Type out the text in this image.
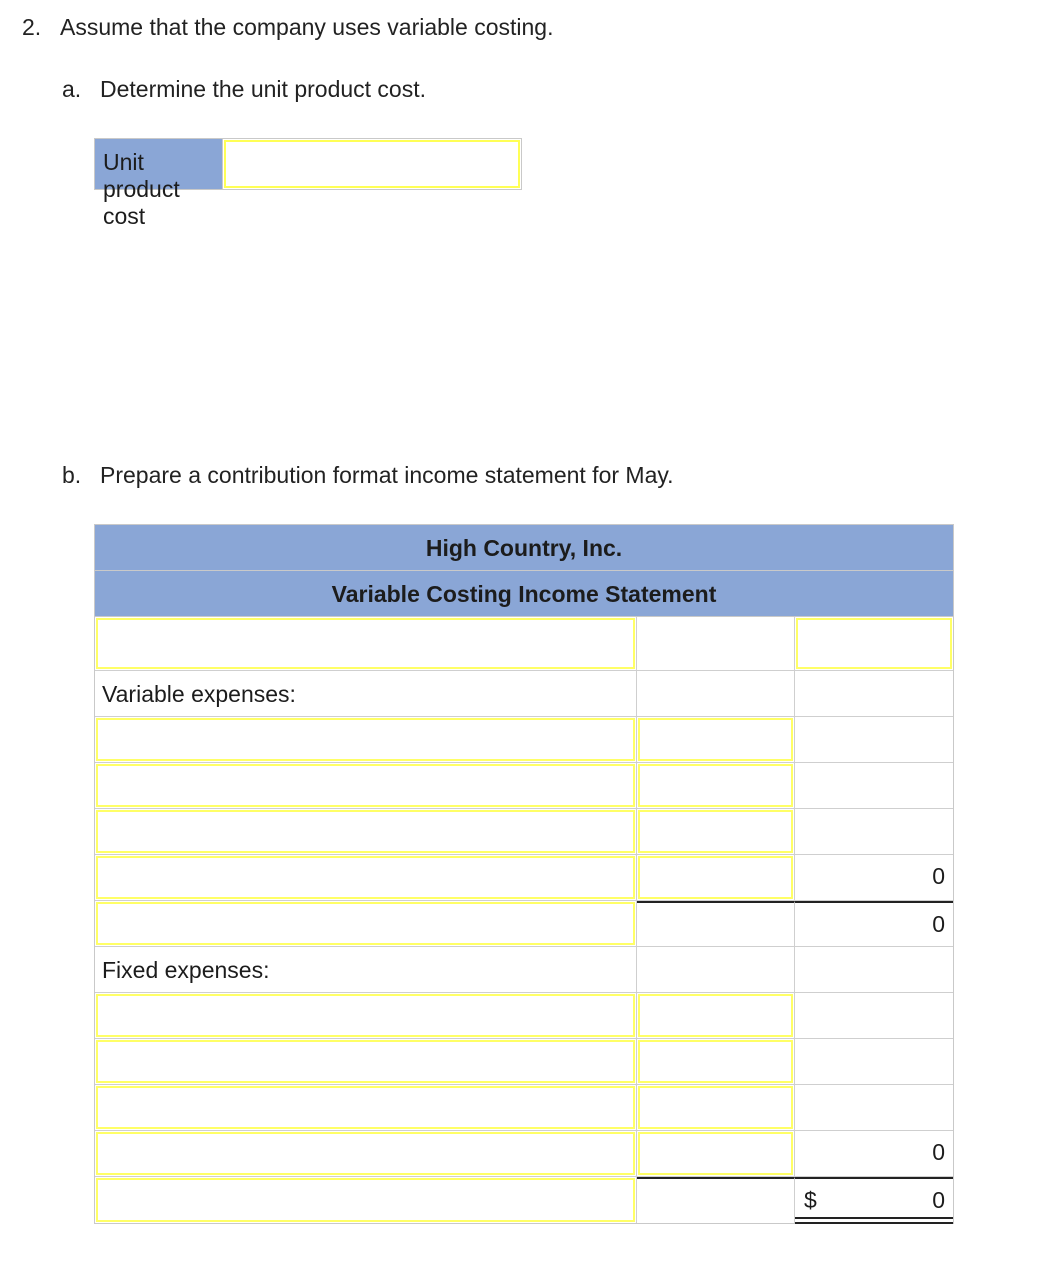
2. Assume that the company uses variable costing.
a. Determine the unit product cost.
Unit product cost
b. Prepare a contribution format income statement for May.
High Country, Inc.
Variable Costing Income Statement
Variable expenses:
0
0
Fixed expenses:
0
$	0
